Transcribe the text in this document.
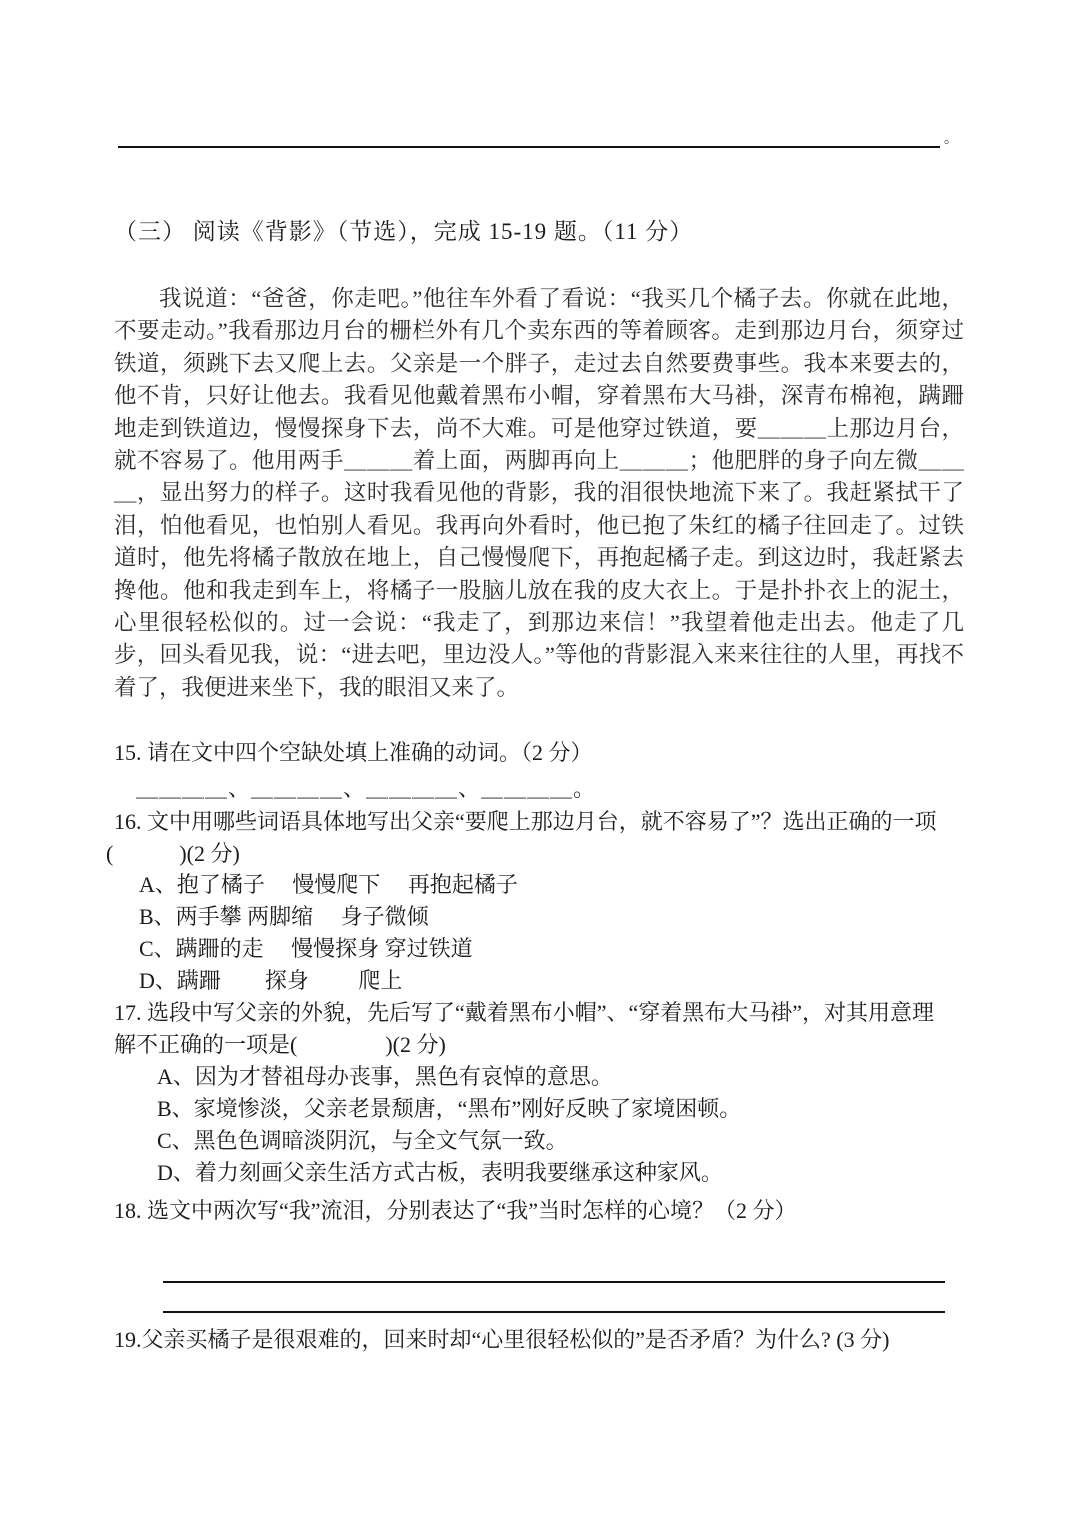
。
（三） 阅读《背影》（节选），完成 15-19 题。（11 分）
我说道：“爸爸，你走吧。”他往车外看了看说：“我买几个橘子去。你就在此地，不要走动。”我看那边月台的栅栏外有几个卖东西的等着顾客。走到那边月台，须穿过铁道，须跳下去又爬上去。父亲是一个胖子，走过去自然要费事些。我本来要去的，他不肯，只好让他去。我看见他戴着黑布小帽，穿着黑布大马褂，深青布棉袍，蹒跚地走到铁道边，慢慢探身下去，尚不大难。可是他穿过铁道，要＿＿＿上那边月台，就不容易了。他用两手＿＿＿着上面，两脚再向上＿＿＿；他肥胖的身子向左微＿＿＿，显出努力的样子。这时我看见他的背影，我的泪很快地流下来了。我赶紧拭干了泪，怕他看见，也怕别人看见。我再向外看时，他已抱了朱红的橘子往回走了。过铁道时，他先将橘子散放在地上，自己慢慢爬下，再抱起橘子走。到这边时，我赶紧去搀他。他和我走到车上，将橘子一股脑儿放在我的皮大衣上。于是扑扑衣上的泥土，心里很轻松似的。过一会说：“我走了，到那边来信！”我望着他走出去。他走了几步，回头看见我，说：“进去吧，里边没人。”等他的背影混入来来往往的人里，再找不着了，我便进来坐下，我的眼泪又来了。
15. 请在文中四个空缺处填上准确的动词。（2 分）
＿＿＿＿、＿＿＿＿、＿＿＿＿、＿＿＿＿。
16. 文中用哪些词语具体地写出父亲“要爬上那边月台，就不容易了”？选出正确的一项
(　　　)(2 分)
A、抱了橘子　 慢慢爬下　 再抱起橘子
B、两手攀 两脚缩　 身子微倾
C、蹒跚的走　 慢慢探身 穿过铁道
D、蹒跚　　探身　　 爬上
17. 选段中写父亲的外貌，先后写了“戴着黑布小帽”、“穿着黑布大马褂”，对其用意理
解不正确的一项是(　　　　)(2 分)
A、因为才替祖母办丧事，黑色有哀悼的意思。
B、家境惨淡，父亲老景颓唐，“黑布”刚好反映了家境困顿。
C、黑色色调暗淡阴沉，与全文气氛一致。
D、着力刻画父亲生活方式古板，表明我要继承这种家风。
18. 选文中两次写“我”流泪，分别表达了“我”当时怎样的心境？（2 分）
19.父亲买橘子是很艰难的，回来时却“心里很轻松似的”是否矛盾？为什么? (3 分)
